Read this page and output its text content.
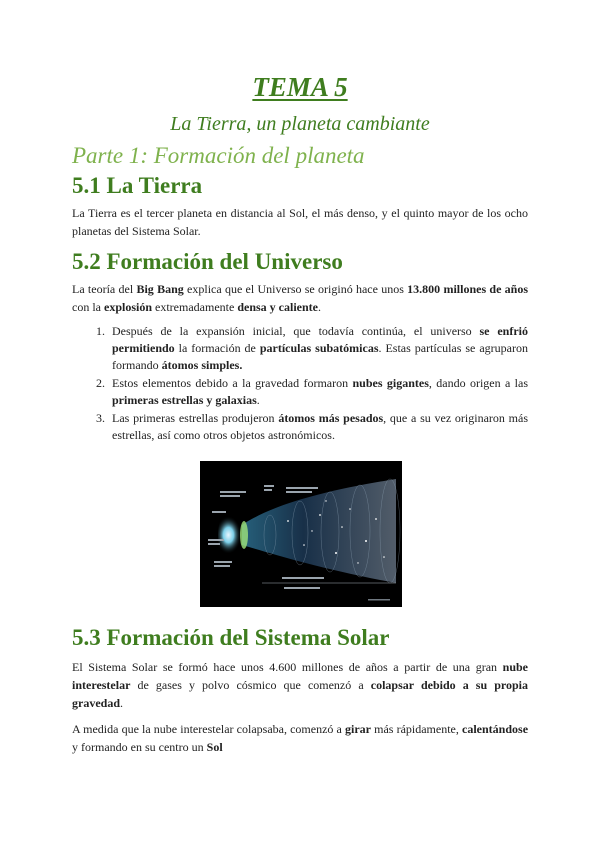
TEMA 5
La Tierra, un planeta cambiante
Parte 1: Formación del planeta
5.1 La Tierra
La Tierra es el tercer planeta en distancia al Sol, el más denso, y el quinto mayor de los ocho planetas del Sistema Solar.
5.2 Formación del Universo
La teoría del Big Bang explica que el Universo se originó hace unos 13.800 millones de años con la explosión extremadamente densa y caliente.
1. Después de la expansión inicial, que todavía continúa, el universo se enfrió permitiendo la formación de partículas subatómicas. Estas partículas se agruparon formando átomos simples.
2. Estos elementos debido a la gravedad formaron nubes gigantes, dando origen a las primeras estrellas y galaxias.
3. Las primeras estrellas produjeron átomos más pesados, que a su vez originaron más estrellas, así como otros objetos astronómicos.
5.3 Formación del Sistema Solar
El Sistema Solar se formó hace unos 4.600 millones de años a partir de una gran nube interestelar de gases y polvo cósmico que comenzó a colapsar debido a su propia gravedad.
A medida que la nube interestelar colapsaba, comenzó a girar más rápidamente, calentándose y formando en su centro un Sol
